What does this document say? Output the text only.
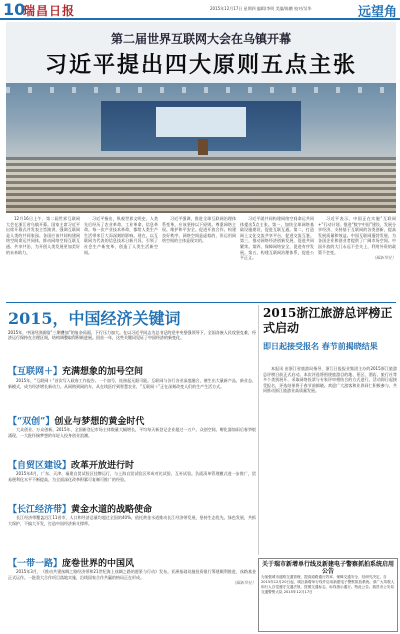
10
瑞昌日报	2015年12月17日 星期四 编辑/李明 美编/陈鹏 校对/吴华	远望角
第二届世界互联网大会在乌镇开幕
习近平提出四大原则五点主张

12月16日上午，第二届世界互联网大会在浙江省乌镇开幕。国家主席习近平出席开幕式并发表主旨演讲，强调互联网是人类的共同家园。各国应该共同构建网络空间命运共同体，推动网络空间互联互通、共享共治，为开创人类发展更加美好的未来助力。

习近平指出，纵观世界文明史，人类先后经历了农业革命、工业革命、信息革命。每一次产业技术革命，都给人类生产生活带来巨大而深刻的影响。现在，以互联网为代表的信息技术日新月异，引领了社会生产新变革，创造了人类生活新空间。

习近平强调，推进全球互联网治理体系变革，应该坚持以下原则。尊重网络主权。维护和平安全。促进开放合作。构建良好秩序。网络空间是虚拟的，但运用网络空间的主体是现实的。

习近平就共同构建网络空间命运共同体提出5点主张。第一，加快全球网络基础设施建设，促进互联互通。第二，打造网上文化交流共享平台，促进交流互鉴。第三，推动网络经济创新发展，促进共同繁荣。第四，保障网络安全，促进有序发展。第五，构建互联网治理体系，促进公平正义。

习近平表示，中国正在实施“互联网+”行动计划，推进“数字中国”建设，发展分享经济，支持基于互联网的各类创新，提高发展质量和效益。中国互联网蓬勃发展，为各国企业和创业者提供了广阔市场空间。中国开放的大门永远不会关上，利用外资的政策不会变。

（据新华社）
2015，中国经济关键词
2015年，中国经济面临“三期叠加”的复杂局面，下行压力加大。在以习近平同志为总书记的党中央坚强领导下，全国各族人民攻坚克难，经济运行保持在合理区间，结构调整取得积极进展。回首一年，这些关键词见证了中国经济的新变化。
【互联网＋】充满想象的加号空间

2015年，“互联网＋”首次写入政府工作报告。一个加号，连接起无限可能。互联网与各行各业深度融合，催生出大量新产品、新业态、新模式，成为经济增长新动力。从网购到网约车，从在线医疗到智慧农业，“互联网＋”正在深刻改变人们的生产生活方式。

【“双创”】创业与梦想的黄金时代

大众创业、万众创新。2015年，全国新登记市场主体数量大幅增长，平均每天新登记企业超过一万户。众创空间、孵化器如雨后春笋般涌现，一大批怀揣梦想的年轻人投身创业浪潮。

【自贸区建设】改革开放进行时

2015年4月，广东、天津、福建自贸试验区挂牌运行，与上海自贸试验区形成对比试验、互补试验。负面清单管理模式进一步推广，贸易便利化水平不断提高，为全面深化改革积累可复制可推广的经验。

【长江经济带】黄金水道的战略使命

长江经济带覆盖沿江11省市，人口和经济总量均超过全国的40%。依托黄金水道推动长江经济带发展，坚持生态优先、绿色发展，共抓大保护，不搞大开发，打造中国经济新支撑带。

【一带一路】庞卷世界的中国风

2015年3月，《推动共建丝绸之路经济带和21世纪海上丝绸之路的愿景与行动》发布。亚洲基础设施投资银行筹建顺利推进，丝路基金正式运作。一批重大合作项目落地实施，沿线国家合作共赢的格局正在形成。

（据新华社）
2015浙江旅游总评榜正式启动
即日起接受报名 春节前揭晓结果

本报讯 由浙江省旅游局指导、浙江日报报业集团主办的2015浙江旅游总评榜日前正式启动。本次评选将围绕旅游目的地、景区、酒店、旅行社等多个类别展开，采取网络投票与专家评审相结合的方式进行。活动即日起接受报名，评选结果将于春节前揭晓。欢迎广大游客和业界同仁积极参与，共同推动浙江旅游业高质量发展。

关于瑞市新增单行线及新建电子警察抓拍系统启用公告
为加强城市道路交通管理，提高道路通行效率，保障交通安全，经研究决定，自2015年12月20日起，城区新增单行线并启用新建电子警察抓拍系统。请广大驾驶人和行人自觉遵守交通法规，按照交通标志、标线指示通行。特此公告。瑞昌市公安局交通警察大队 2015年12月17日
